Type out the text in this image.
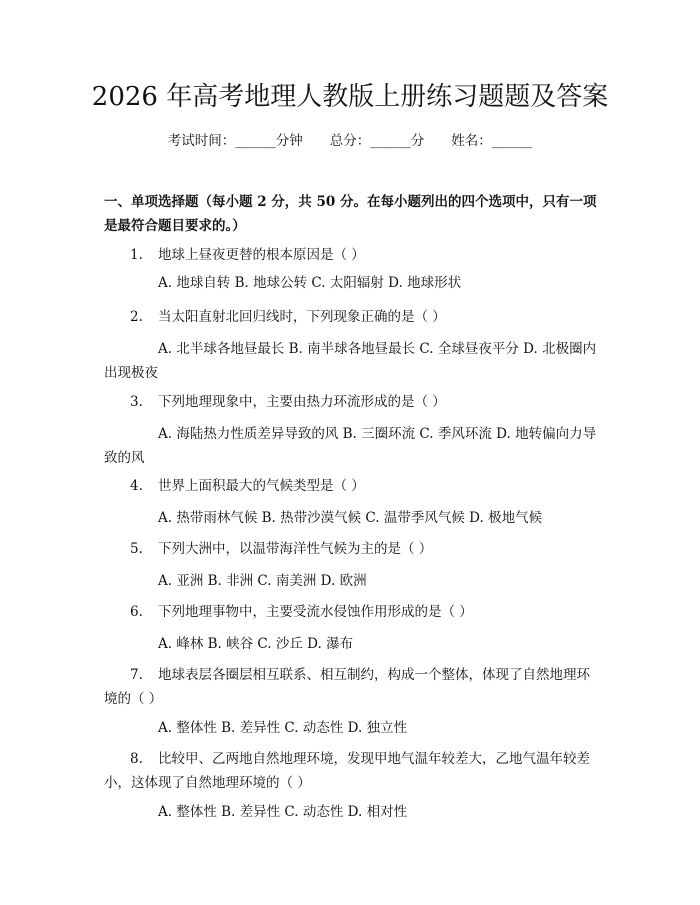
2026 年高考地理人教版上册练习题题及答案
考试时间：______分钟　　总分：______分　　姓名：______

一、单项选择题（每小题 2 分，共 50 分。在每小题列出的四个选项中，只有一项是最符合题目要求的。）

1. 地球上昼夜更替的根本原因是（ ）

A. 地球自转 B. 地球公转 C. 太阳辐射 D. 地球形状

2. 当太阳直射北回归线时，下列现象正确的是（ ）

A. 北半球各地昼最长 B. 南半球各地昼最长 C. 全球昼夜平分 D. 北极圈内出现极夜

3. 下列地理现象中，主要由热力环流形成的是（ ）

A. 海陆热力性质差异导致的风 B. 三圈环流 C. 季风环流 D. 地转偏向力导致的风

4. 世界上面积最大的气候类型是（ ）

A. 热带雨林气候 B. 热带沙漠气候 C. 温带季风气候 D. 极地气候

5. 下列大洲中，以温带海洋性气候为主的是（ ）

A. 亚洲 B. 非洲 C. 南美洲 D. 欧洲

6. 下列地理事物中，主要受流水侵蚀作用形成的是（ ）

A. 峰林 B. 峡谷 C. 沙丘 D. 瀑布

7. 地球表层各圈层相互联系、相互制约，构成一个整体，体现了自然地理环境的（ ）

A. 整体性 B. 差异性 C. 动态性 D. 独立性

8. 比较甲、乙两地自然地理环境，发现甲地气温年较差大，乙地气温年较差小，这体现了自然地理环境的（ ）

A. 整体性 B. 差异性 C. 动态性 D. 相对性
